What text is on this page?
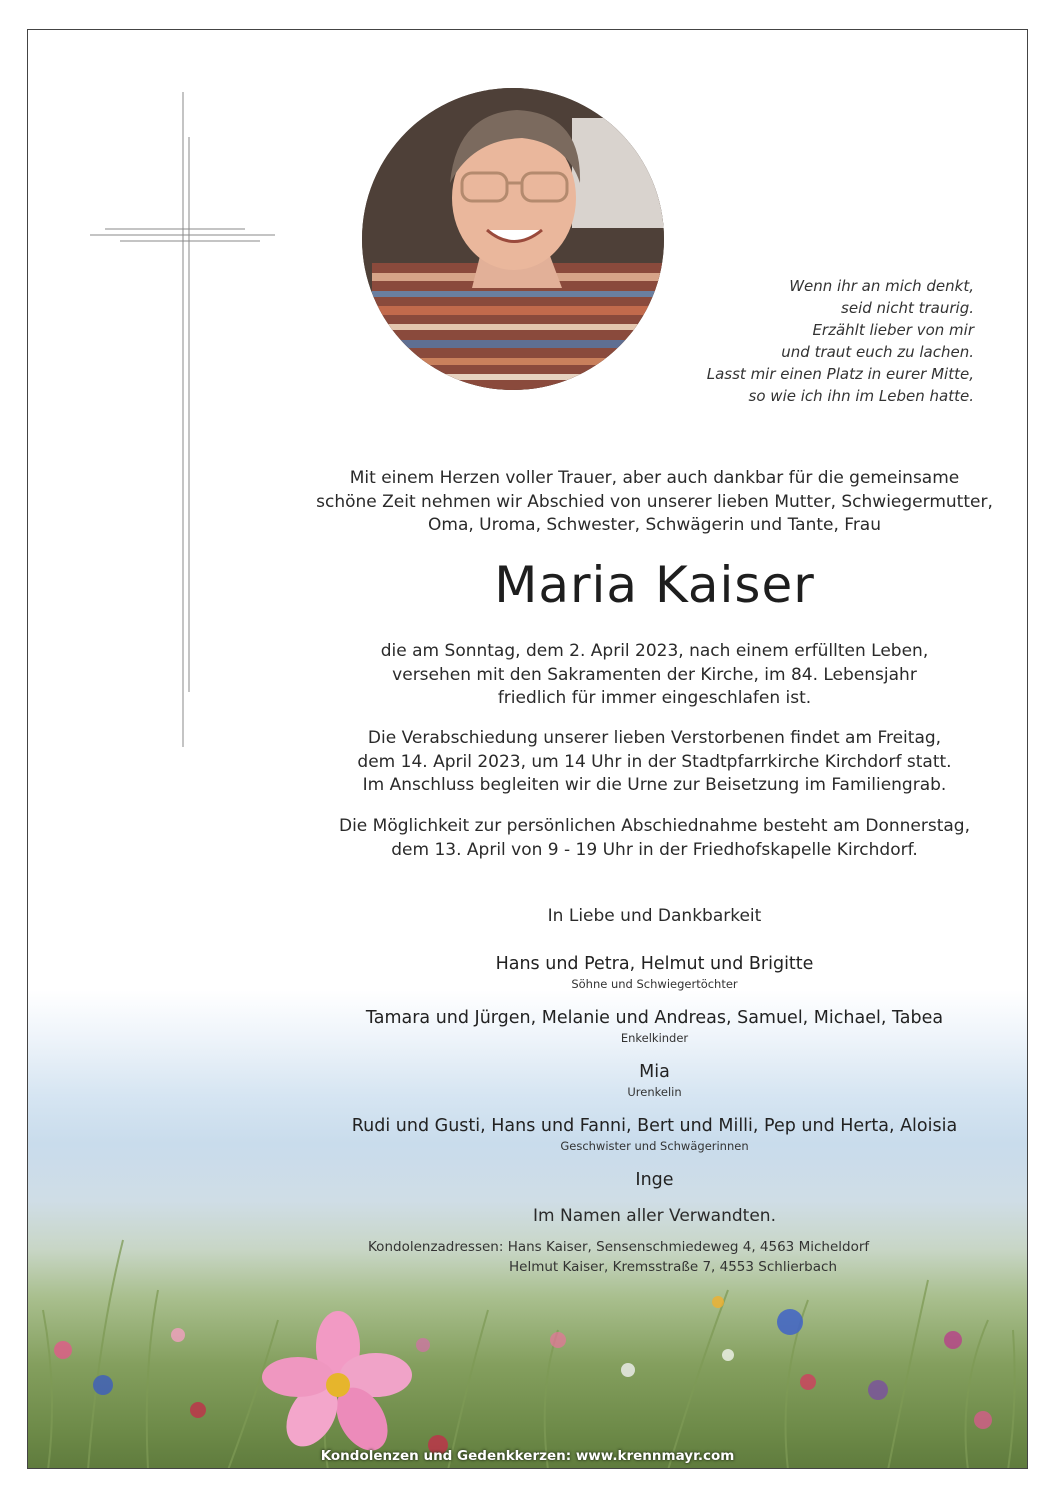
Wenn ihr an mich denkt,
seid nicht traurig.
Erzählt lieber von mir
und traut euch zu lachen.
Lasst mir einen Platz in eurer Mitte,
so wie ich ihn im Leben hatte.
Mit einem Herzen voller Trauer, aber auch dankbar für die gemeinsame
schöne Zeit nehmen wir Abschied von unserer lieben Mutter, Schwiegermutter,
Oma, Uroma, Schwester, Schwägerin und Tante, Frau
Maria Kaiser
die am Sonntag, dem 2. April 2023, nach einem erfüllten Leben,
versehen mit den Sakramenten der Kirche, im 84. Lebensjahr
friedlich für immer eingeschlafen ist.
Die Verabschiedung unserer lieben Verstorbenen findet am Freitag,
dem 14. April 2023, um 14 Uhr in der Stadtpfarrkirche Kirchdorf statt.
Im Anschluss begleiten wir die Urne zur Beisetzung im Familiengrab.
Die Möglichkeit zur persönlichen Abschiednahme besteht am Donnerstag,
dem 13. April von 9 - 19 Uhr in der Friedhofskapelle Kirchdorf.
In Liebe und Dankbarkeit
Hans und Petra, Helmut und Brigitte
Söhne und Schwiegertöchter
Tamara und Jürgen, Melanie und Andreas, Samuel, Michael, Tabea
Enkelkinder
Mia
Urenkelin
Rudi und Gusti, Hans und Fanni, Bert und Milli, Pep und Herta, Aloisia
Geschwister und Schwägerinnen
Inge
Im Namen aller Verwandten.
Kondolenzadressen: Hans Kaiser, Sensenschmiedeweg 4, 4563 Micheldorf
Helmut Kaiser, Kremsstraße 7, 4553 Schlierbach
Kondolenzen und Gedenkkerzen: www.krennmayr.com
